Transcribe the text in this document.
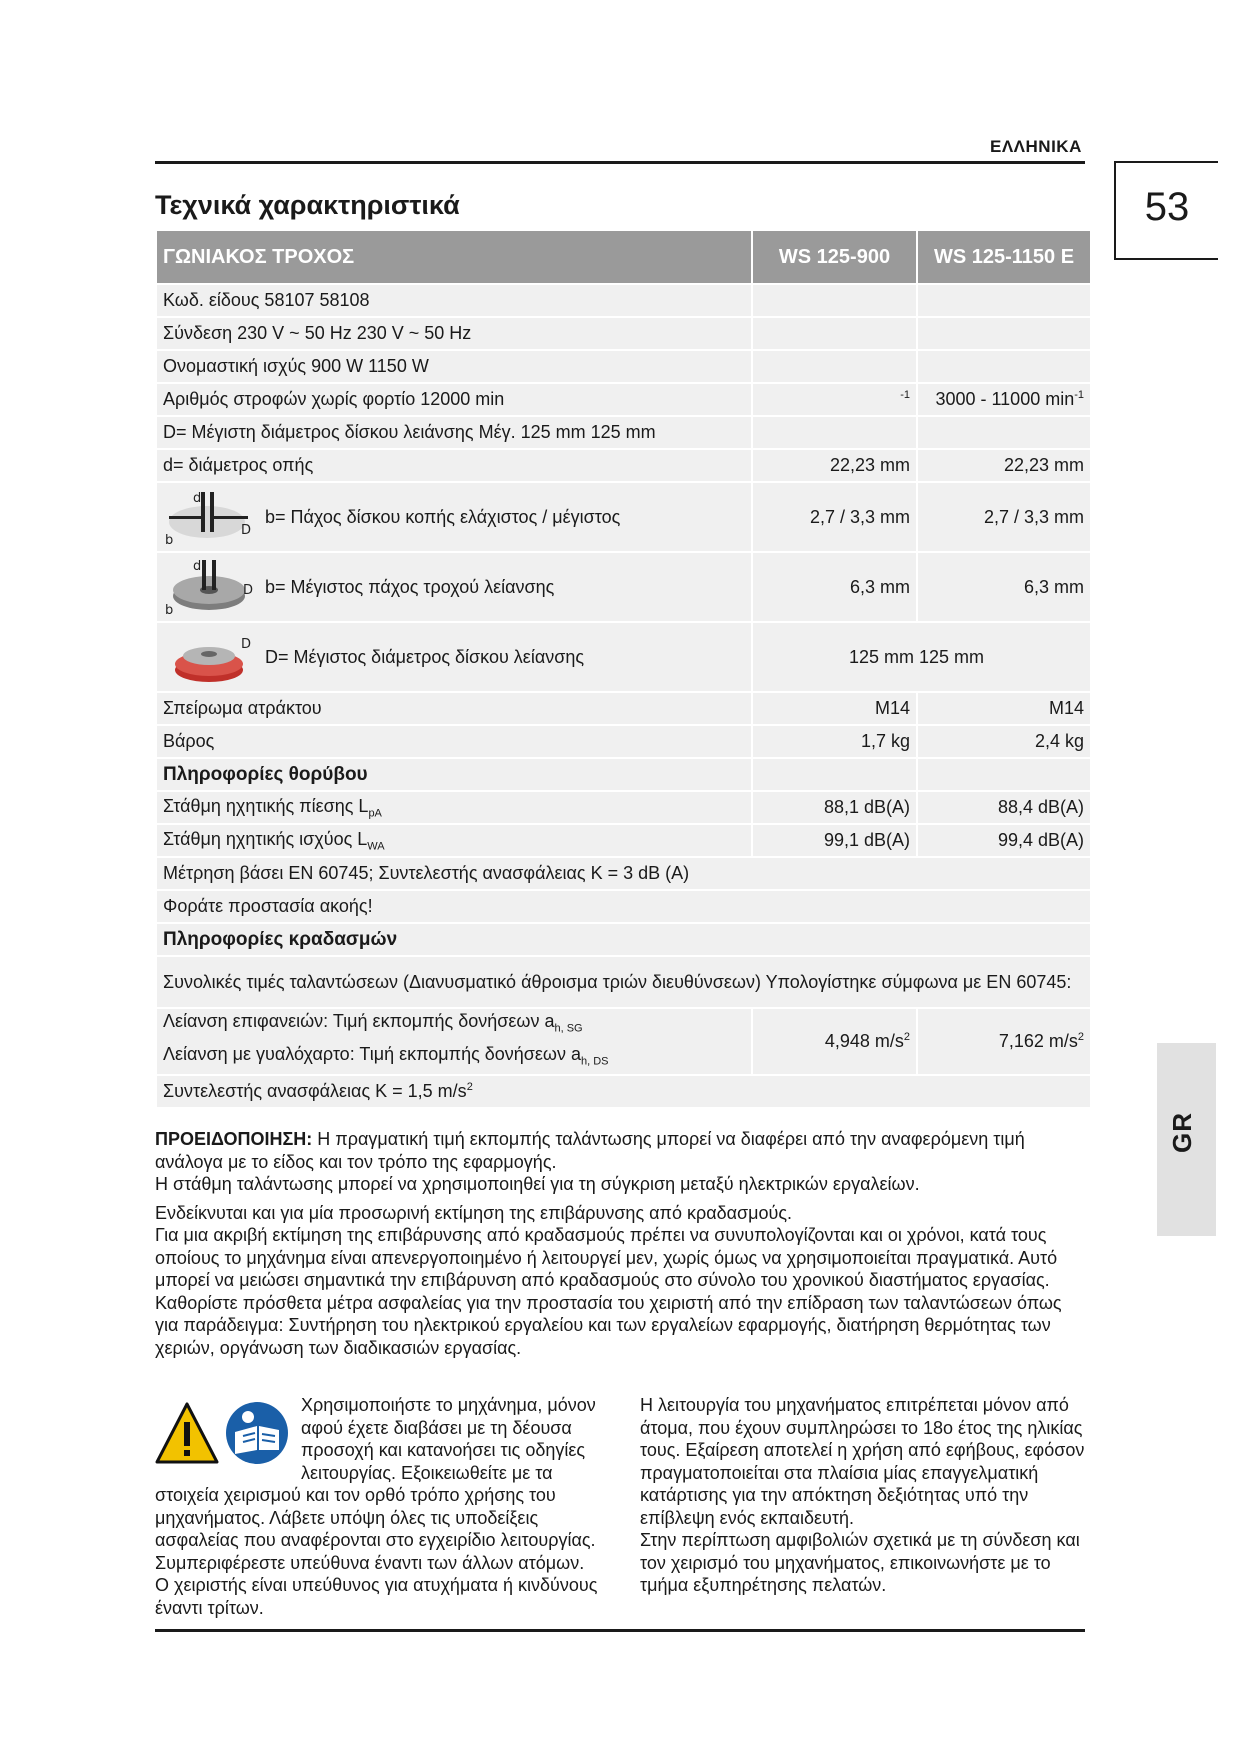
ΕΛΛΗΝΙΚΑ
53
GR
Τεχνικά χαρακτηριστικά
ΓΩΝΙΑΚΟΣ ΤΡΟΧΟΣ	WS 125-900	WS 125-1150 E
Κωδ. είδους 58107 58108		
Σύνδεση 230 V ~ 50 Hz 230 V ~ 50 Hz		
Ονομαστική ισχύς 900 W 1150 W		
Αριθμός στροφών χωρίς φορτίο 12000 min	$^{-1}$	3000 - 11000 $\min^{-1}$
D= Μέγιστη διάμετρος δίσκου λειάνσης Μέγ. 125 mm 125 mm		
d= διάμετρος οπής	22,23 mm	22,23 mm

d
D
b
b= Πάχος δίσκου κοπής ελάχιστος / μέγιστος	2,7 / 3,3 mm	2,7 / 3,3 mm

d
D
b
b= Μέγιστος πάχος τροχού λείανσης	6,3 mm	6,3 mm

D
D= Μέγιστος διάμετρος δίσκου λείανσης	125 mm 125 mm	
Σπείρωμα ατράκτου	M14	M14
Βάρος	1,7 kg	2,4 kg
Πληροφορίες θορύβου		
Στάθμη ηχητικής πίεσης $L_{pA}$	88,1 dB(A)	88,4 dB(A)
Στάθμη ηχητικής ισχύος $L_{WA}$	99,1 dB(A)	99,4 dB(A)
Μέτρηση βάσει EN 60745; Συντελεστής ανασφάλειας K = 3 dB (A)		
Φοράτε προστασία ακοής!		
Πληροφορίες κραδασμών		
Συνολικές τιμές ταλαντώσεων (Διανυσματικό άθροισμα τριών διευθύνσεων) Υπολογίστηκε σύμφωνα με EN 60745:		

Λείανση επιφανειών: Τιμή εκπομπής δονήσεων $a_{h, SG}$
Λείανση με γυαλόχαρτο: Τιμή εκπομπής δονήσεων $a_{h, DS}$	4,948 $m/s^2$	7,162 $m/s^2$
Συντελεστής ανασφάλειας K = 1,5 $m/s^2$

ΠΡΟΕΙΔΟΠΟΙΗΣΗ: Η πραγματική τιμή εκπομπής ταλάντωσης μπορεί να διαφέρει από την αναφερόμενη τιμή ανάλογα με το είδος και τον τρόπο της εφαρμογής.

Η στάθμη ταλάντωσης μπορεί να χρησιμοποιηθεί για τη σύγκριση μεταξύ ηλεκτρικών εργαλείων.

Ενδείκνυται και για μία προσωρινή εκτίμηση της επιβάρυνσης από κραδασμούς.

Για μια ακριβή εκτίμηση της επιβάρυνσης από κραδασμούς πρέπει να συνυπολογίζονται και οι χρόνοι, κατά τους οποίους το μηχάνημα είναι απενεργοποιημένο ή λειτουργεί μεν, χωρίς όμως να χρησιμοποιείται πραγματικά. Αυτό μπορεί να μειώσει σημαντικά την επιβάρυνση από κραδασμούς στο σύνολο του χρονικού διαστήματος εργασίας.

Καθορίστε πρόσθετα μέτρα ασφαλείας για την προστασία του χειριστή από την επίδραση των ταλαντώσεων όπως για παράδειγμα: Συντήρηση του ηλεκτρικού εργαλείου και των εργαλείων εφαρμογής, διατήρηση θερμότητας των χεριών, οργάνωση των διαδικασιών εργασίας.

Χρησιμοποιήστε το μηχάνημα, μόνον αφού έχετε διαβάσει με τη δέουσα προσοχή και κατανοήσει τις οδηγίες λειτουργίας. Εξοικειωθείτε με τα στοιχεία χειρισμού και τον ορθό τρόπο χρήσης του μηχανήματος. Λάβετε υπόψη όλες τις υποδείξεις ασφαλείας που αναφέρονται στο εγχειρίδιο λειτουργίας. Συμπεριφέρεστε υπεύθυνα έναντι των άλλων ατόμων.

Ο χειριστής είναι υπεύθυνος για ατυχήματα ή κινδύνους έναντι τρίτων.

Η λειτουργία του μηχανήματος επιτρέπεται μόνον από άτομα, που έχουν συμπληρώσει το 18ο έτος της ηλικίας τους. Εξαίρεση αποτελεί η χρήση από εφήβους, εφόσον πραγματοποιείται στα πλαίσια μίας επαγγελματική κατάρτισης για την απόκτηση δεξιότητας υπό την επίβλεψη ενός εκπαιδευτή.

Στην περίπτωση αμφιβολιών σχετικά με τη σύνδεση και τον χειρισμό του μηχανήματος, επικοινωνήστε με το τμήμα εξυπηρέτησης πελατών.
